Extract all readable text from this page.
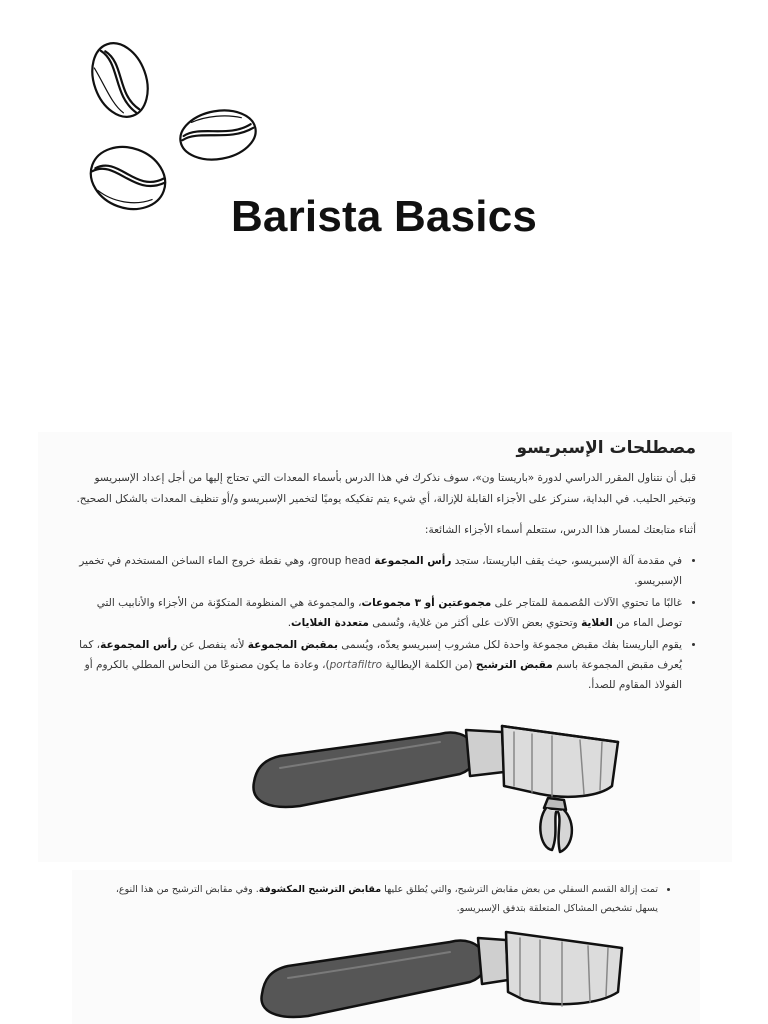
Barista Basics
مصطلحات الإسبريسو

قبل أن نتناول المقرر الدراسي لدورة «باريستا ون»، سوف نذكرك في هذا الدرس بأسماء المعدات التي تحتاج إليها من أجل إعداد الإسبريسو وتبخير الحليب. في البداية، سنركز على الأجزاء القابلة للإزالة، أي شيء يتم تفكيكه يوميًا لتخمير الإسبريسو و/أو تنظيف المعدات بالشكل الصحيح.

أثناء متابعتك لمسار هذا الدرس، ستتعلم أسماء الأجزاء الشائعة:

• في مقدمة آلة الإسبريسو، حيث يقف الباريستا، ستجد رأس المجموعة group head، وهي نقطة خروج الماء الساخن المستخدم في تخمير الإسبريسو.
• غالبًا ما تحتوي الآلات المُصممة للمتاجر على مجموعتين أو ٣ مجموعات، والمجموعة هي المنظومة المتكوّنة من الأجزاء والأنابيب التي توصل الماء من الغلاية وتحتوي بعض الآلات على أكثر من غلاية، وتُسمى متعددة الغلايات.
• يقوم الباريستا بفك مقبض مجموعة واحدة لكل مشروب إسبريسو يعدّه، ويُسمى بمقبض المجموعة لأنه ينفصل عن رأس المجموعة، كما يُعرف مقبض المجموعة باسم مقبض الترشيح (من الكلمة الإيطالية portafiltro)، وعادة ما يكون مصنوعًا من النحاس المطلي بالكروم أو الفولاذ المقاوم للصدأ.
• تمت إزالة القسم السفلي من بعض مقابض الترشيح، والتي يُطلق عليها مقابض الترشيح المكشوفة. وفي مقابض الترشيح من هذا النوع، يسهل تشخيص المشاكل المتعلقة بتدفق الإسبريسو.
